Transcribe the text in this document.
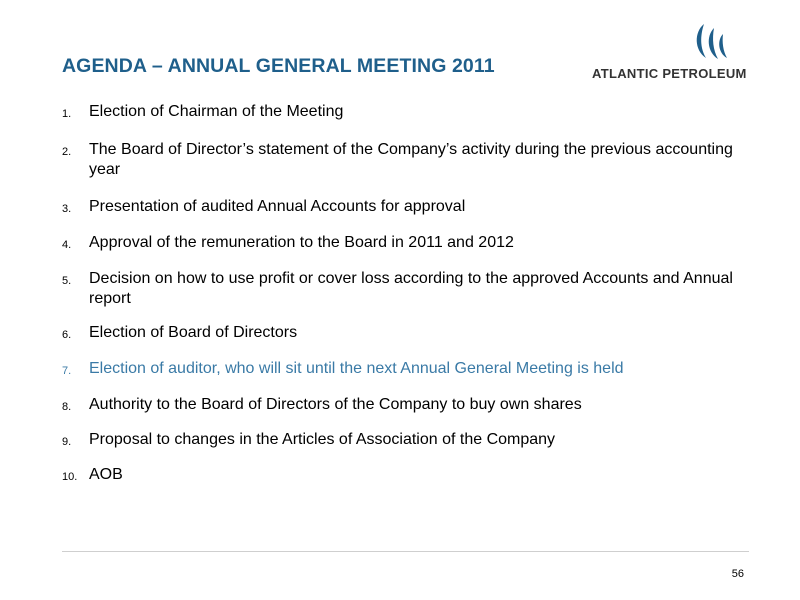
AGENDA – ANNUAL GENERAL MEETING 2011	ATLANTIC PETROLEUM
1. Election of Chairman of the Meeting
2. The Board of Director’s statement of the Company’s activity during the previous accounting year
3. Presentation of audited Annual Accounts for approval
4. Approval of the remuneration to the Board in 2011 and 2012
5. Decision on how to use profit or cover loss according to the approved Accounts and Annual report
6. Election of Board of Directors
7. Election of auditor, who will sit until the next Annual General Meeting is held
8. Authority to the Board of Directors of the Company to buy own shares
9. Proposal to changes in the Articles of Association of the Company
10. AOB
56
